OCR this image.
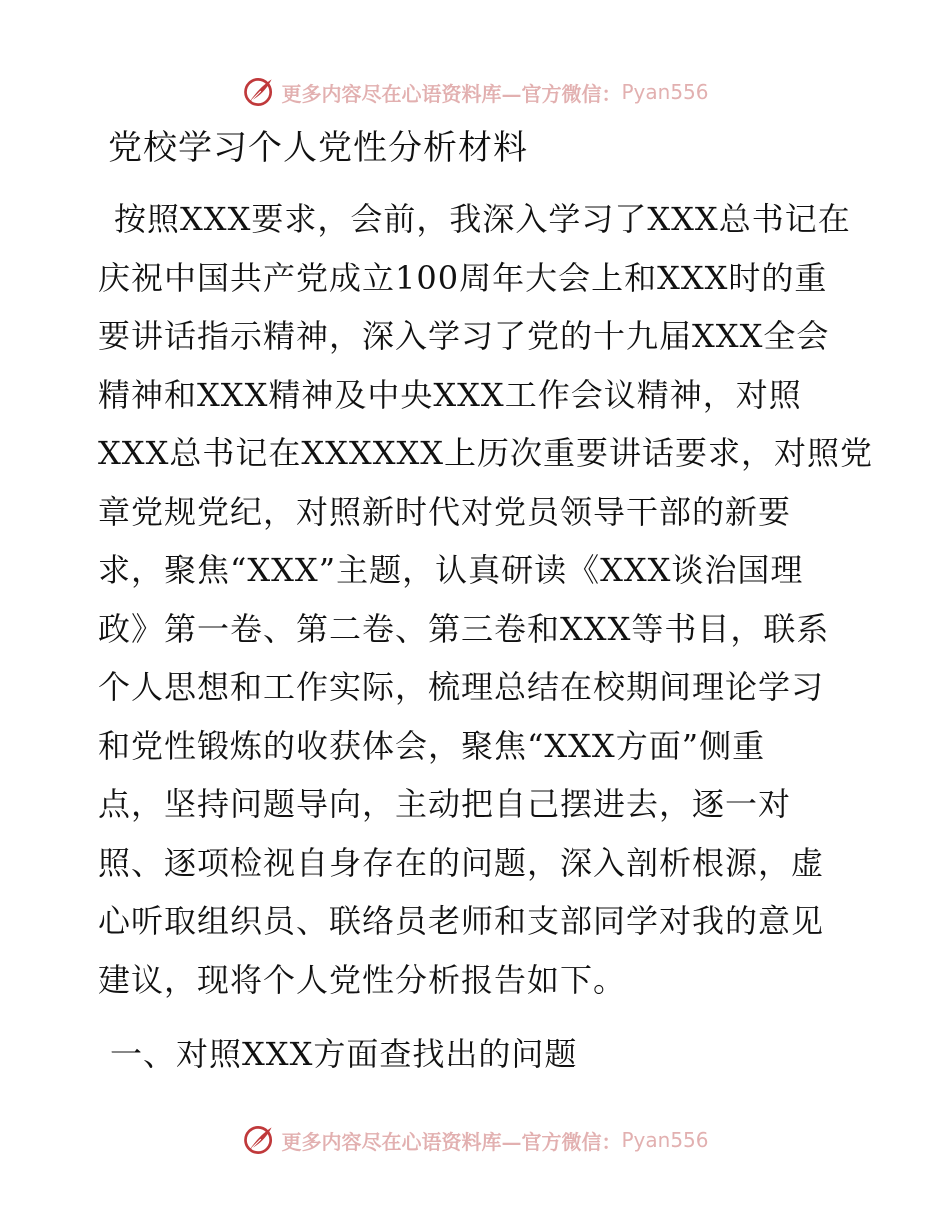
更多内容尽在心语资料库—官方微信： Pyan556
党校学习个人党性分析材料
按照XXX要求，会前，我深入学习了XXX总书记在
庆祝中国共产党成立100周年大会上和XXX时的重
要讲话指示精神，深入学习了党的十九届XXX全会
精神和XXX精神及中央XXX工作会议精神，对照
XXX总书记在XXXXXX上历次重要讲话要求，对照党
章党规党纪，对照新时代对党员领导干部的新要
求，聚焦“XXX”主题，认真研读《XXX谈治国理
政》第一卷、第二卷、第三卷和XXX等书目，联系
个人思想和工作实际，梳理总结在校期间理论学习
和党性锻炼的收获体会，聚焦“XXX方面”侧重
点，坚持问题导向，主动把自己摆进去，逐一对
照、逐项检视自身存在的问题，深入剖析根源，虚
心听取组织员、联络员老师和支部同学对我的意见
建议，现将个人党性分析报告如下。
一、对照XXX方面查找出的问题
更多内容尽在心语资料库—官方微信： Pyan556
